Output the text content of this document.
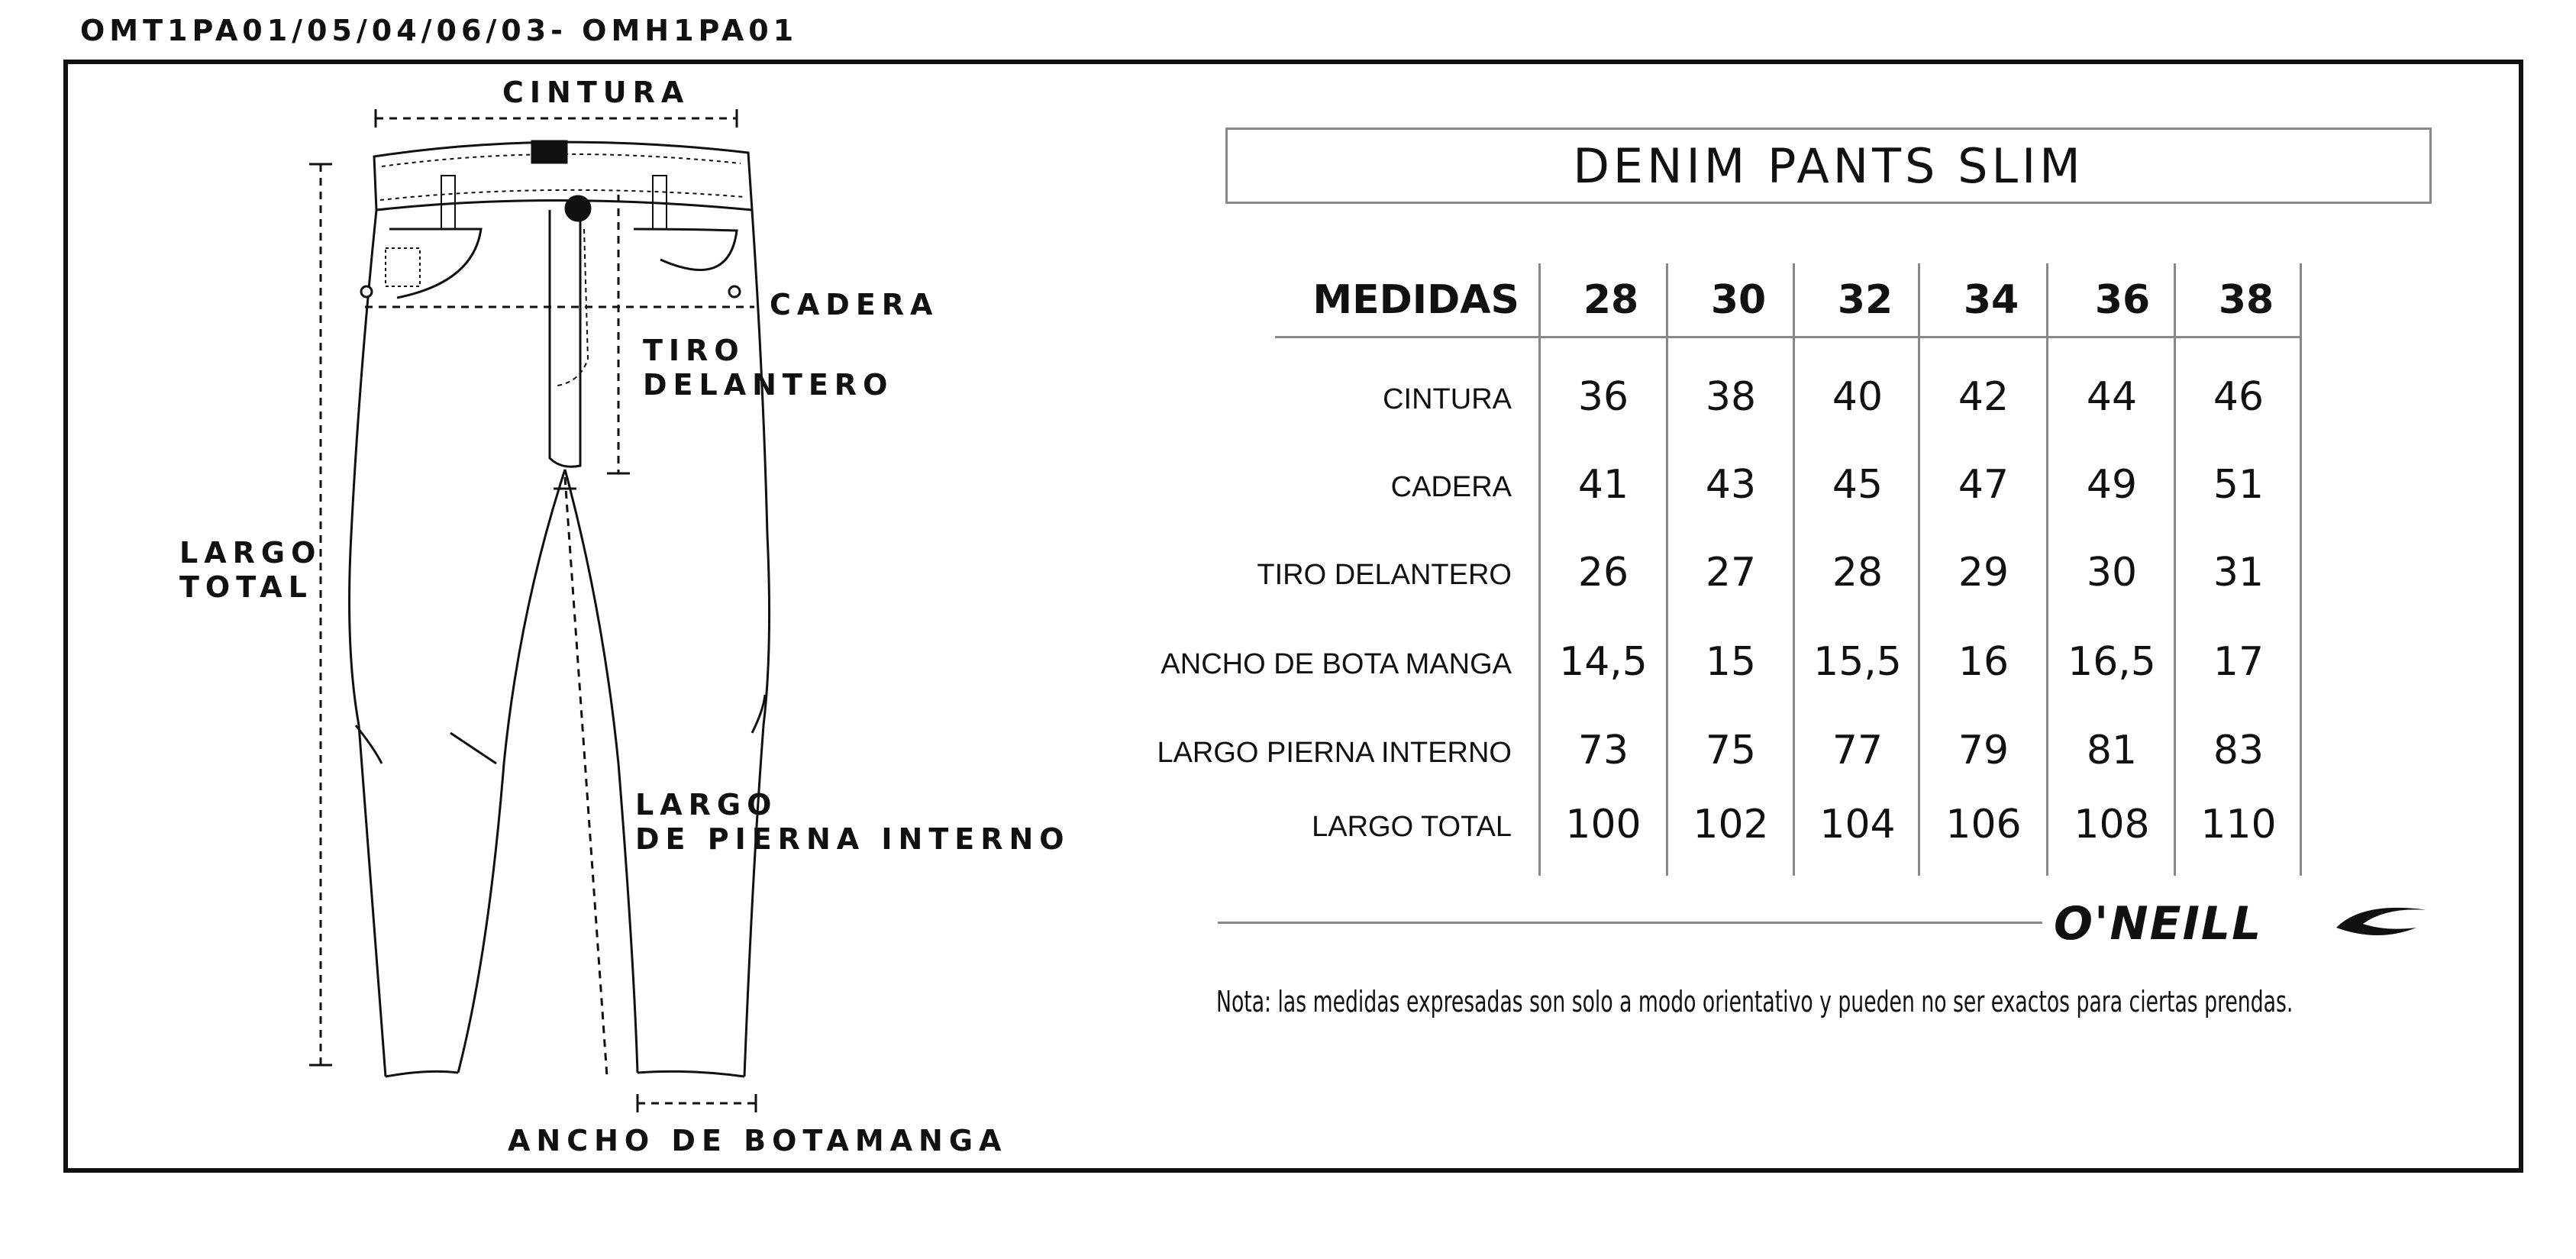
OMT1PA01/05/04/06/03- OMH1PA01
CINTURA
CADERA
TIRO
DELANTERO
LARGO
TOTAL
LARGO
DE PIERNA INTERNO
ANCHO DE BOTAMANGA
DENIM PANTS SLIM
MEDIDAS	28	30	32	34	36	38
CINTURA	36	38	40	42	44	46
CADERA	41	43	45	47	49	51
TIRO DELANTERO	26	27	28	29	30	31
ANCHO DE BOTA MANGA	14,5	15	15,5	16	16,5	17
LARGO PIERNA INTERNO	73	75	77	79	81	83
LARGO TOTAL	100	102	104	106	108	110
O'NEILL
Nota: las medidas expresadas son solo a modo orientativo y pueden no ser exactos para ciertas prendas.
